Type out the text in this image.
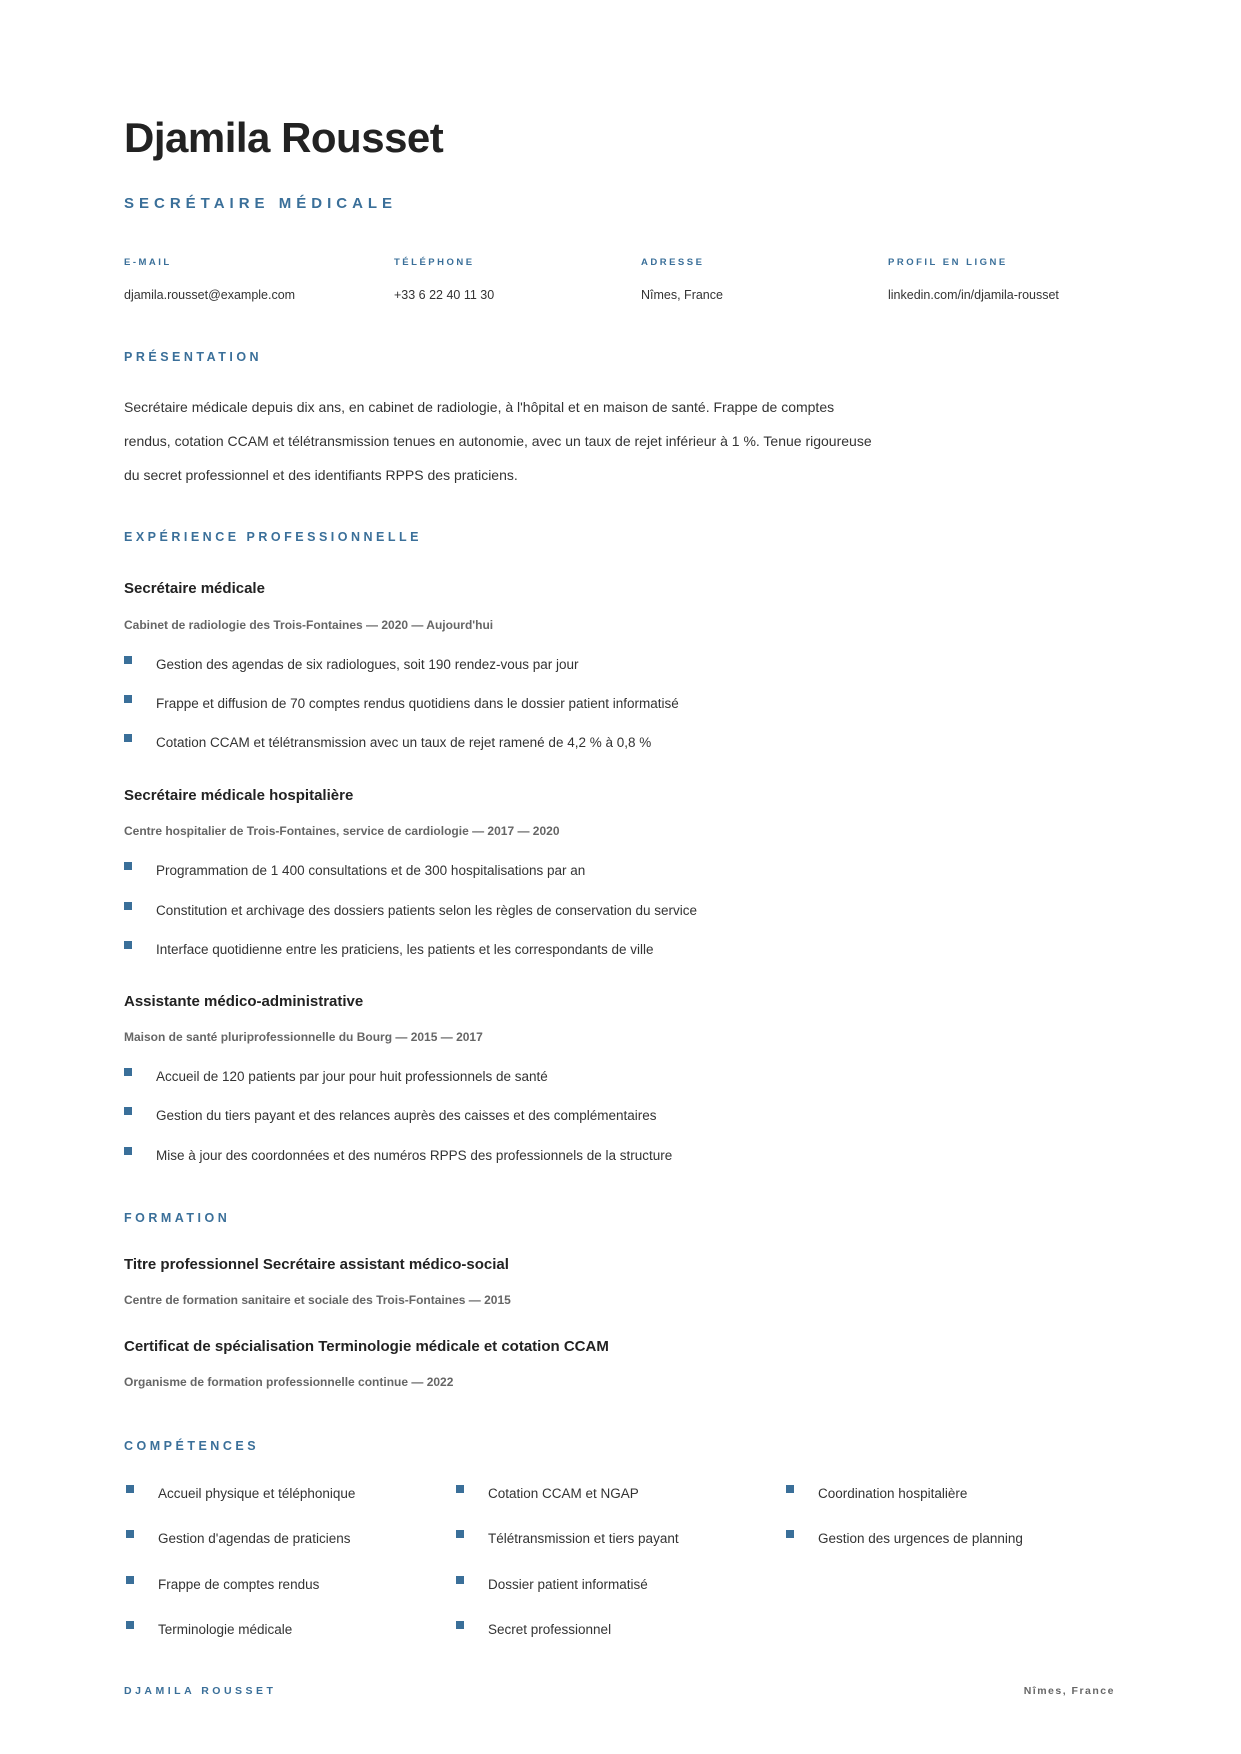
Djamila Rousset
SECRÉTAIRE MÉDICALE
E-MAIL
djamila.rousset@example.com
TÉLÉPHONE
+33 6 22 40 11 30
ADRESSE
Nîmes, France
PROFIL EN LIGNE
linkedin.com/in/djamila-rousset
PRÉSENTATION

Secrétaire médicale depuis dix ans, en cabinet de radiologie, à l'hôpital et en maison de santé. Frappe de comptes rendus, cotation CCAM et télétransmission tenues en autonomie, avec un taux de rejet inférieur à 1 %. Tenue rigoureuse du secret professionnel et des identifiants RPPS des praticiens.

EXPÉRIENCE PROFESSIONNELLE
Secrétaire médicale
Cabinet de radiologie des Trois-Fontaines — 2020 — Aujourd'hui
Gestion des agendas de six radiologues, soit 190 rendez-vous par jour
Frappe et diffusion de 70 comptes rendus quotidiens dans le dossier patient informatisé
Cotation CCAM et télétransmission avec un taux de rejet ramené de 4,2 % à 0,8 %
Secrétaire médicale hospitalière
Centre hospitalier de Trois-Fontaines, service de cardiologie — 2017 — 2020
Programmation de 1 400 consultations et de 300 hospitalisations par an
Constitution et archivage des dossiers patients selon les règles de conservation du service
Interface quotidienne entre les praticiens, les patients et les correspondants de ville
Assistante médico-administrative
Maison de santé pluriprofessionnelle du Bourg — 2015 — 2017
Accueil de 120 patients par jour pour huit professionnels de santé
Gestion du tiers payant et des relances auprès des caisses et des complémentaires
Mise à jour des coordonnées et des numéros RPPS des professionnels de la structure
FORMATION
Titre professionnel Secrétaire assistant médico-social
Centre de formation sanitaire et sociale des Trois-Fontaines — 2015
Certificat de spécialisation Terminologie médicale et cotation CCAM
Organisme de formation professionnelle continue — 2022
COMPÉTENCES
Accueil physique et téléphonique
Gestion d'agendas de praticiens
Frappe de comptes rendus
Terminologie médicale
Cotation CCAM et NGAP
Télétransmission et tiers payant
Dossier patient informatisé
Secret professionnel
Coordination hospitalière
Gestion des urgences de planning
DJAMILA ROUSSET	Nîmes, France
